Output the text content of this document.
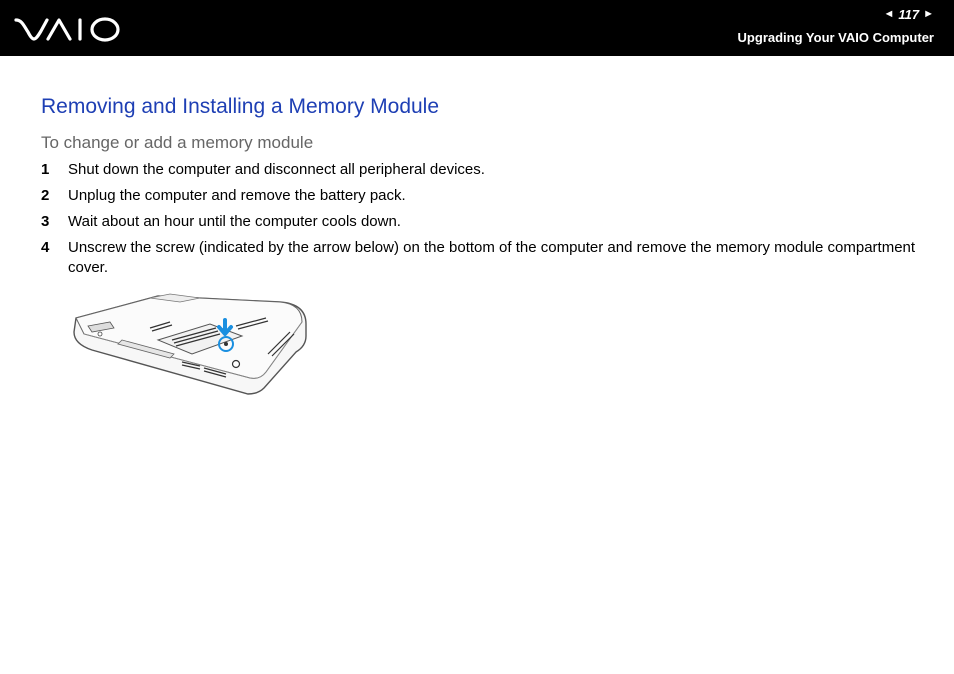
◄ 117 ►
Upgrading Your VAIO Computer
Removing and Installing a Memory Module
To change or add a memory module
1 Shut down the computer and disconnect all peripheral devices.
2 Unplug the computer and remove the battery pack.
3 Wait about an hour until the computer cools down.
4 Unscrew the screw (indicated by the arrow below) on the bottom of the computer and remove the memory module compartment cover.
